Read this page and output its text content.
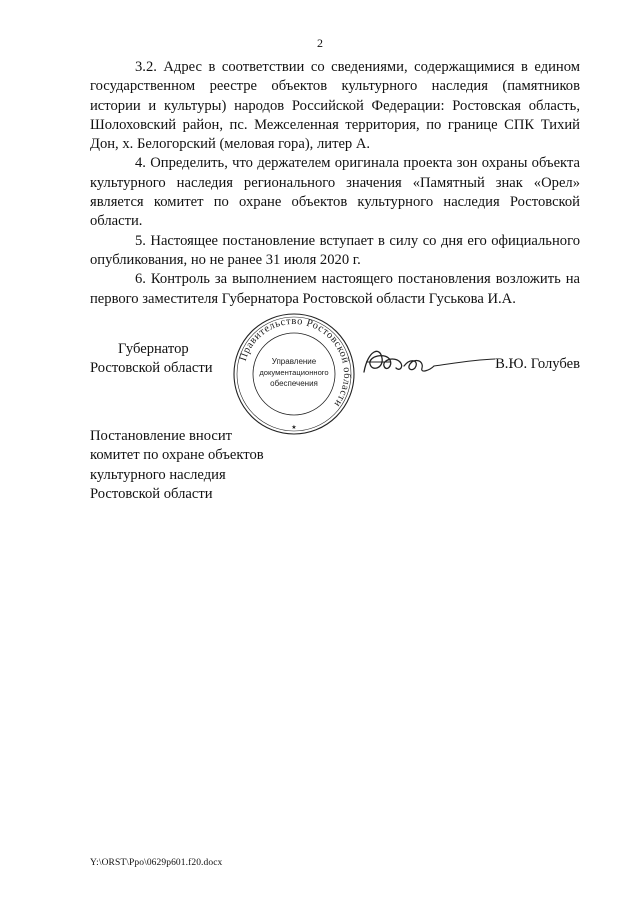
2

3.2. Адрес в соответствии со сведениями, содержащимися в едином государственном реестре объектов культурного наследия (памятников истории и культуры) народов Российской Федерации: Ростовская область, Шолоховский район, пс. Межселенная территория, по границе СПК Тихий Дон, х. Белогорский (меловая гора), литер А.

4. Определить, что держателем оригинала проекта зон охраны объекта культурного наследия регионального значения «Памятный знак «Орел» является комитет по охране объектов культурного наследия Ростовской области.

5. Настоящее постановление вступает в силу со дня его официального опубликования, но не ранее 31 июля 2020 г.

6. Контроль за выполнением настоящего постановления возложить на первого заместителя Губернатора Ростовской области Гуськова И.А.

Губернатор
Ростовской области
Правительство Ростовской области
Управление
документационного
обеспечения
★
В.Ю. Голубев
Постановление вносит
комитет по охране объектов
культурного наследия
Ростовской области
Y:\ORST\Ppo\0629p601.f20.docx
